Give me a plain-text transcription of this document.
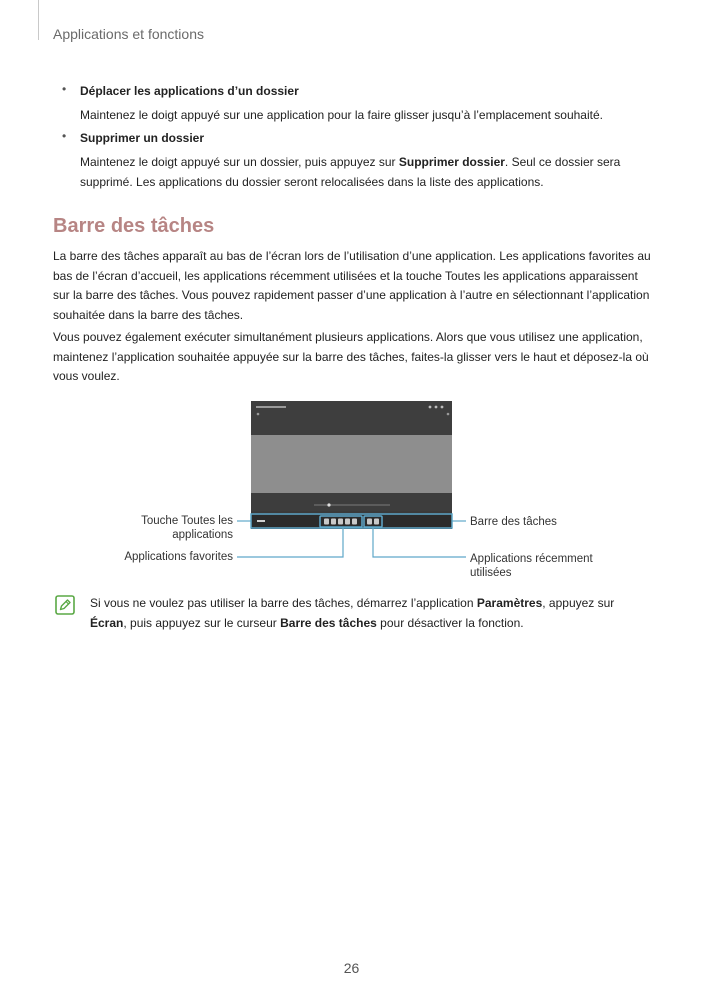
Applications et fonctions
• Déplacer les applications d’un dossier
Maintenez le doigt appuyé sur une application pour la faire glisser jusqu’à l’emplacement souhaité.
• Supprimer un dossier
Maintenez le doigt appuyé sur un dossier, puis appuyez sur Supprimer dossier. Seul ce dossier sera supprimé. Les applications du dossier seront relocalisées dans la liste des applications.
Barre des tâches
La barre des tâches apparaît au bas de l’écran lors de l’utilisation d’une application. Les applications favorites au bas de l’écran d’accueil, les applications récemment utilisées et la touche Toutes les applications apparaissent sur la barre des tâches. Vous pouvez rapidement passer d’une application à l’autre en sélectionnant l’application souhaitée dans la barre des tâches.
Vous pouvez également exécuter simultanément plusieurs applications. Alors que vous utilisez une application, maintenez l’application souhaitée appuyée sur la barre des tâches, faites-la glisser vers le haut et déposez-la où vous voulez.
Touche Toutes les applications
Applications favorites
Barre des tâches
Applications récemment utilisées
Si vous ne voulez pas utiliser la barre des tâches, démarrez l’application Paramètres, appuyez sur Écran, puis appuyez sur le curseur Barre des tâches pour désactiver la fonction.
26
